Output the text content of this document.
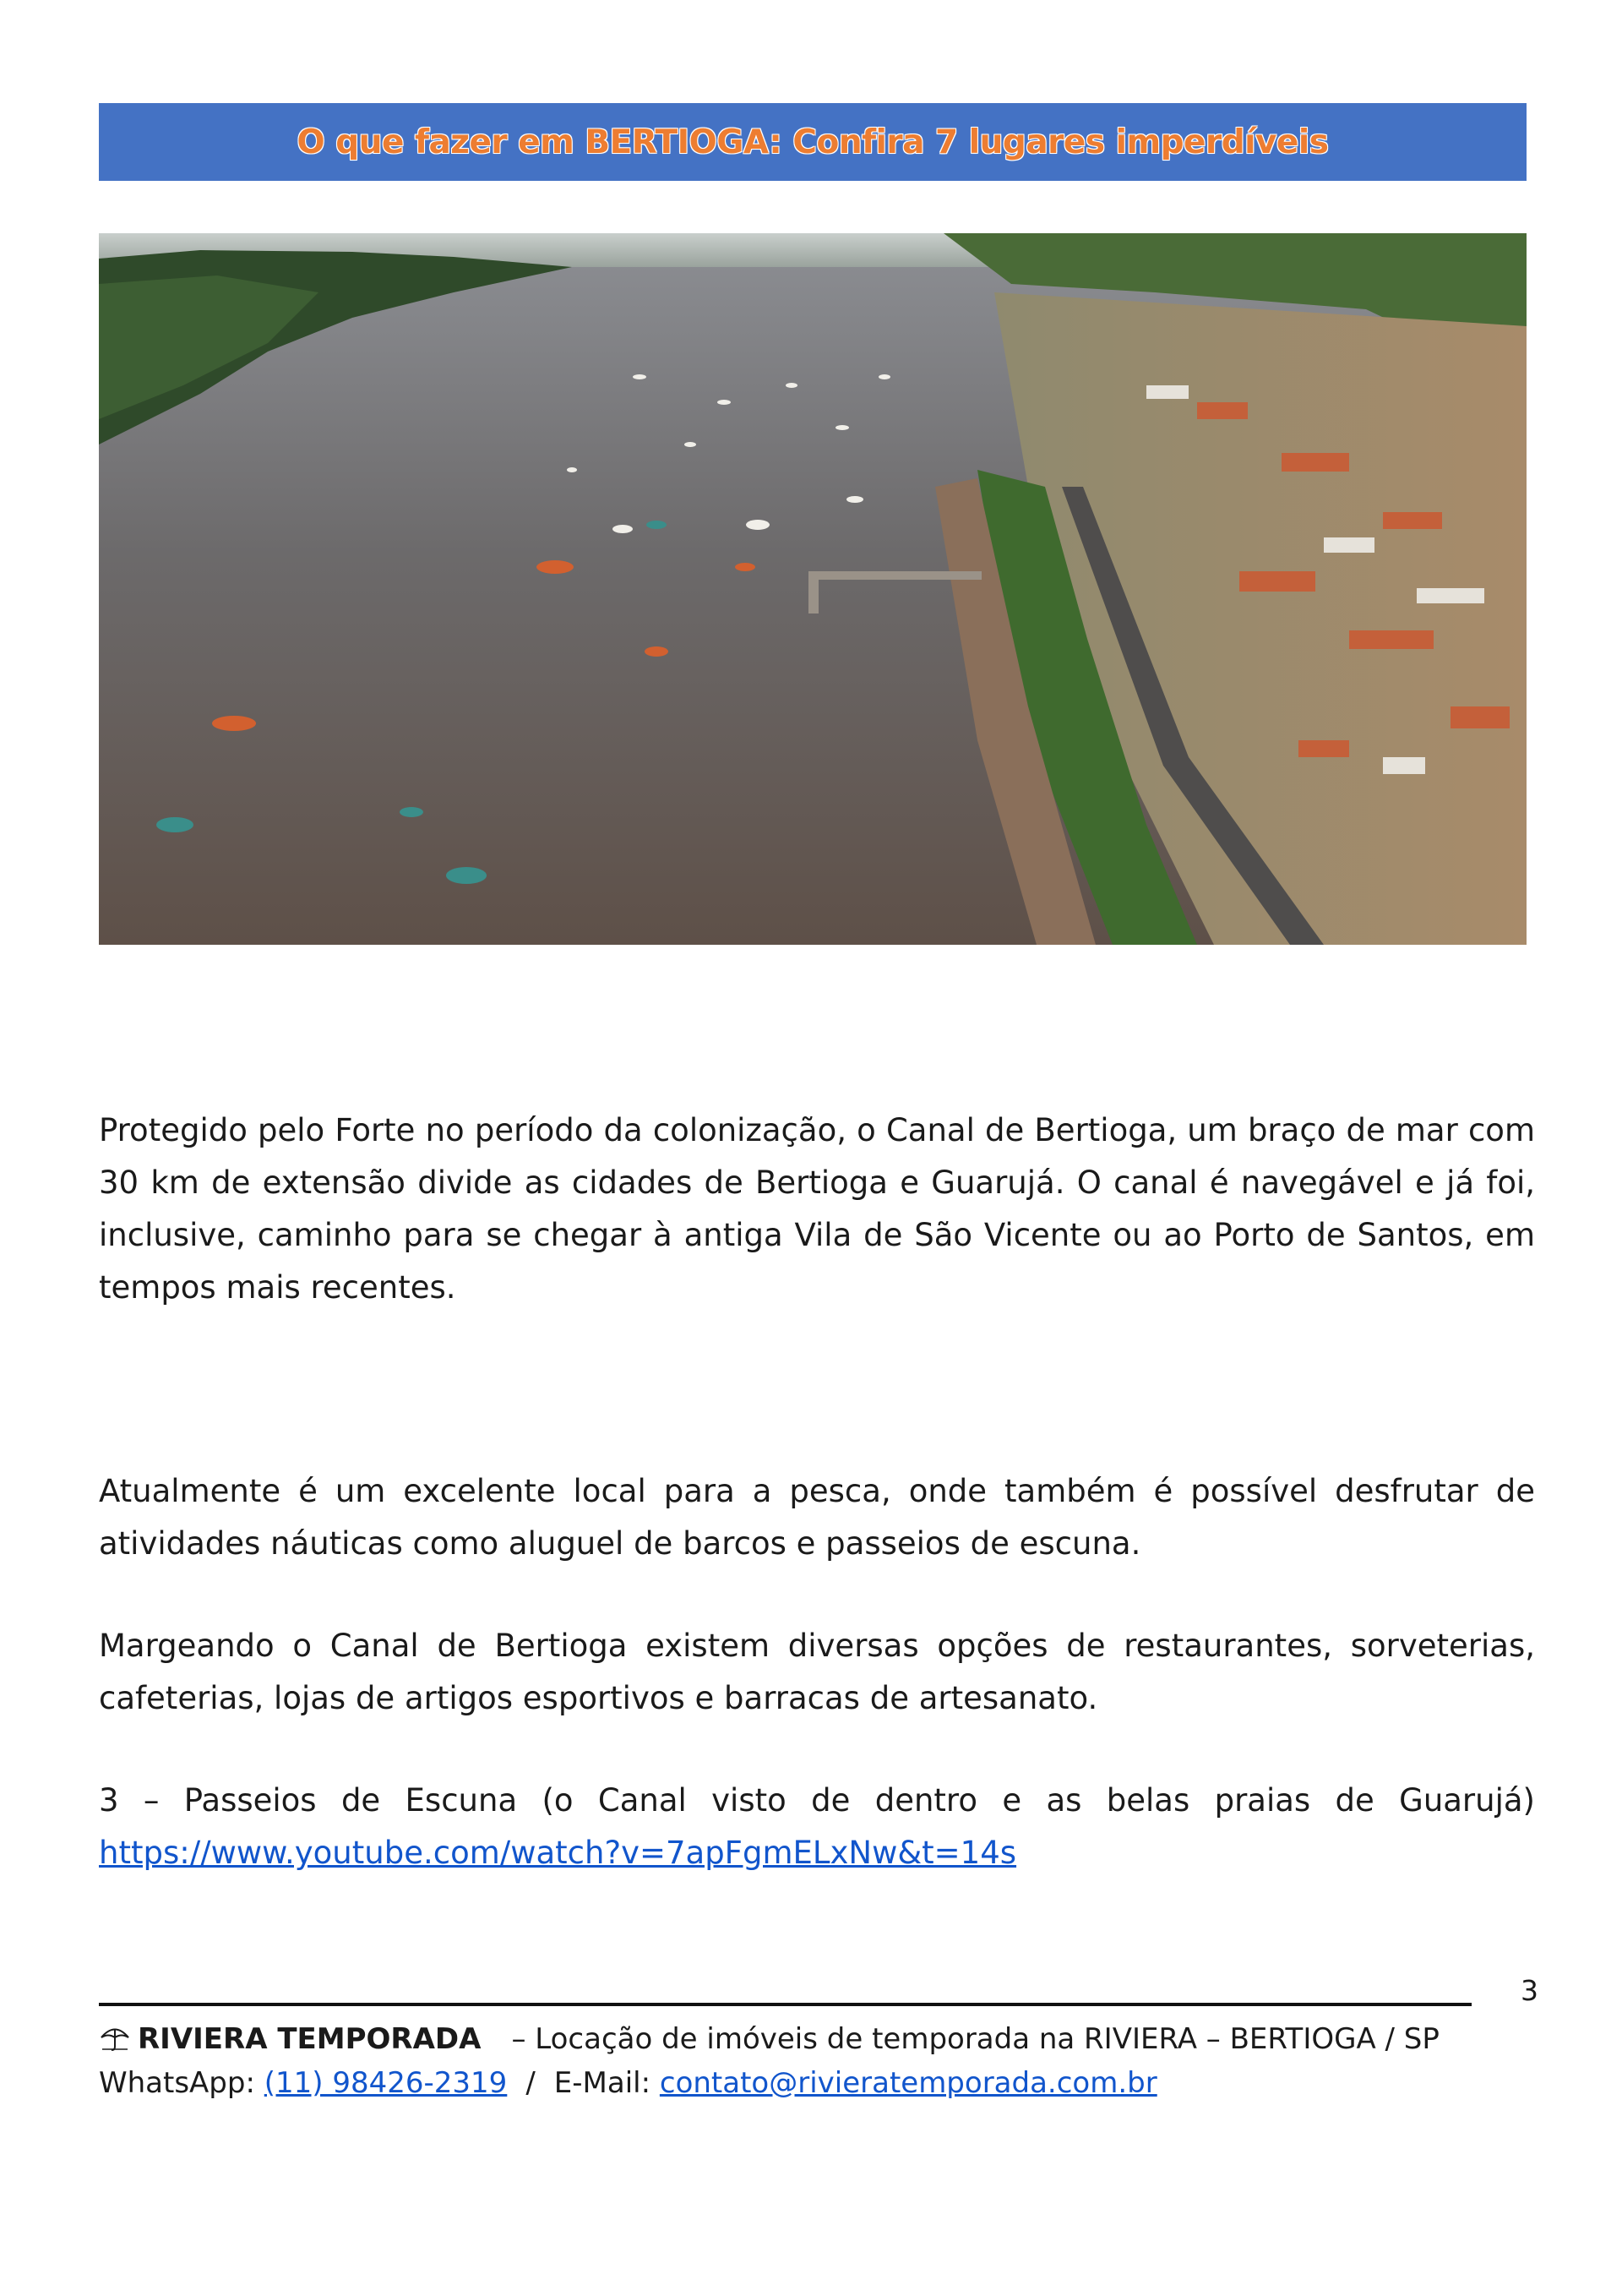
O que fazer em BERTIOGA: Confira 7 lugares imperdíveis

Protegido pelo Forte no período da colonização, o Canal de Bertioga, um braço de mar com 30 km de extensão divide as cidades de Bertioga e Guarujá. O canal é navegável e já foi, inclusive, caminho para se chegar à antiga Vila de São Vicente ou ao Porto de Santos, em tempos mais recentes.

Atualmente é um excelente local para a pesca, onde também é possível desfrutar de atividades náuticas como aluguel de barcos e passeios de escuna.

Margeando o Canal de Bertioga existem diversas opções de restaurantes, sorveterias, cafeterias, lojas de artigos esportivos e barracas de artesanato.

3 – Passeios de Escuna (o Canal visto de dentro e as belas praias de Guarujá) https://www.youtube.com/watch?v=7apFgmELxNw&t=14s

3
RIVIERA TEMPORADA – Locação de imóveis de temporada na RIVIERA – BERTIOGA / SP
WhatsApp: (11) 98426-2319 / E-Mail: contato@rivieratemporada.com.br
